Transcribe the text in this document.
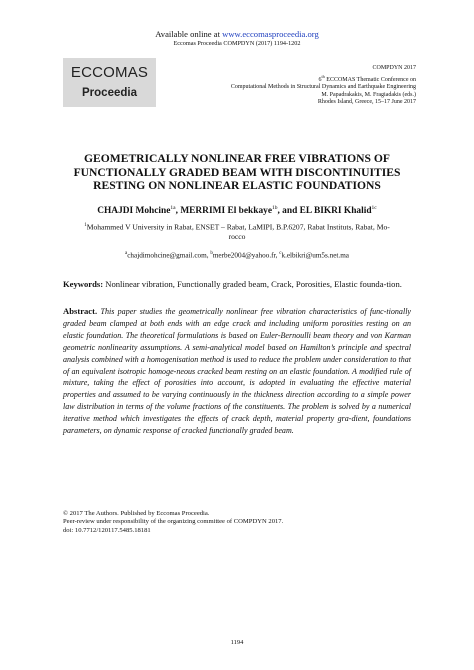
Available online at www.eccomasproceedia.org
Eccomas Proceedia COMPDYN (2017) 1194-1202
ECCOMAS
Proceedia
COMPDYN 2017
6th ECCOMAS Thematic Conference on
Computational Methods in Structural Dynamics and Earthquake Engineering
M. Papadrakakis, M. Fragiadakis (eds.)
Rhodes Island, Greece, 15–17 June 2017
GEOMETRICALLY NONLINEAR FREE VIBRATIONS OF
FUNCTIONALLY GRADED BEAM WITH DISCONTINUITIES
RESTING ON NONLINEAR ELASTIC FOUNDATIONS
CHAJDI Mohcine$^{1a}$, MERRIMI El bekkaye$^{1b}$, and EL BIKRI Khalid$^{1c}$
$^1$Mohammed V University in Rabat, ENSET – Rabat, LaMIPI, B.P.6207, Rabat Instituts, Rabat, Mo-
rocco
$^a$chajdimohcine@gmail.com, $^b$merbe2004@yahoo.fr, $^c$k.elbikri@um5s.net.ma
Keywords: Nonlinear vibration, Functionally graded beam, Crack, Porosities, Elastic founda-tion.
Abstract. This paper studies the geometrically nonlinear free vibration characteristics of func-tionally graded beam clamped at both ends with an edge crack and including uniform porosities resting on an elastic foundation. The theoretical formulations is based on Euler-Bernoulli beam theory and von Karman geometric nonlinearity assumptions. A semi-analytical model based on Hamilton’s principle and spectral analysis combined with a homogenisation method is used to reduce the problem under consideration to that of an equivalent isotropic homoge-neous cracked beam resting on an elastic foundation. A modified rule of mixture, taking the effect of porosities into account, is adopted in evaluating the effective material properties and assumed to be varying continuously in the thickness direction according to a simple power law distribution in terms of the volume fractions of the constituents. The problem is solved by a numerical iterative method which investigates the effects of crack depth, material property gra-dient, foundations parameters, on dynamic response of cracked functionally graded beam.
© 2017 The Authors. Published by Eccomas Proceedia.
Peer-review under responsibility of the organizing committee of COMPDYN 2017.
doi: 10.7712/120117.5485.18181
1194
